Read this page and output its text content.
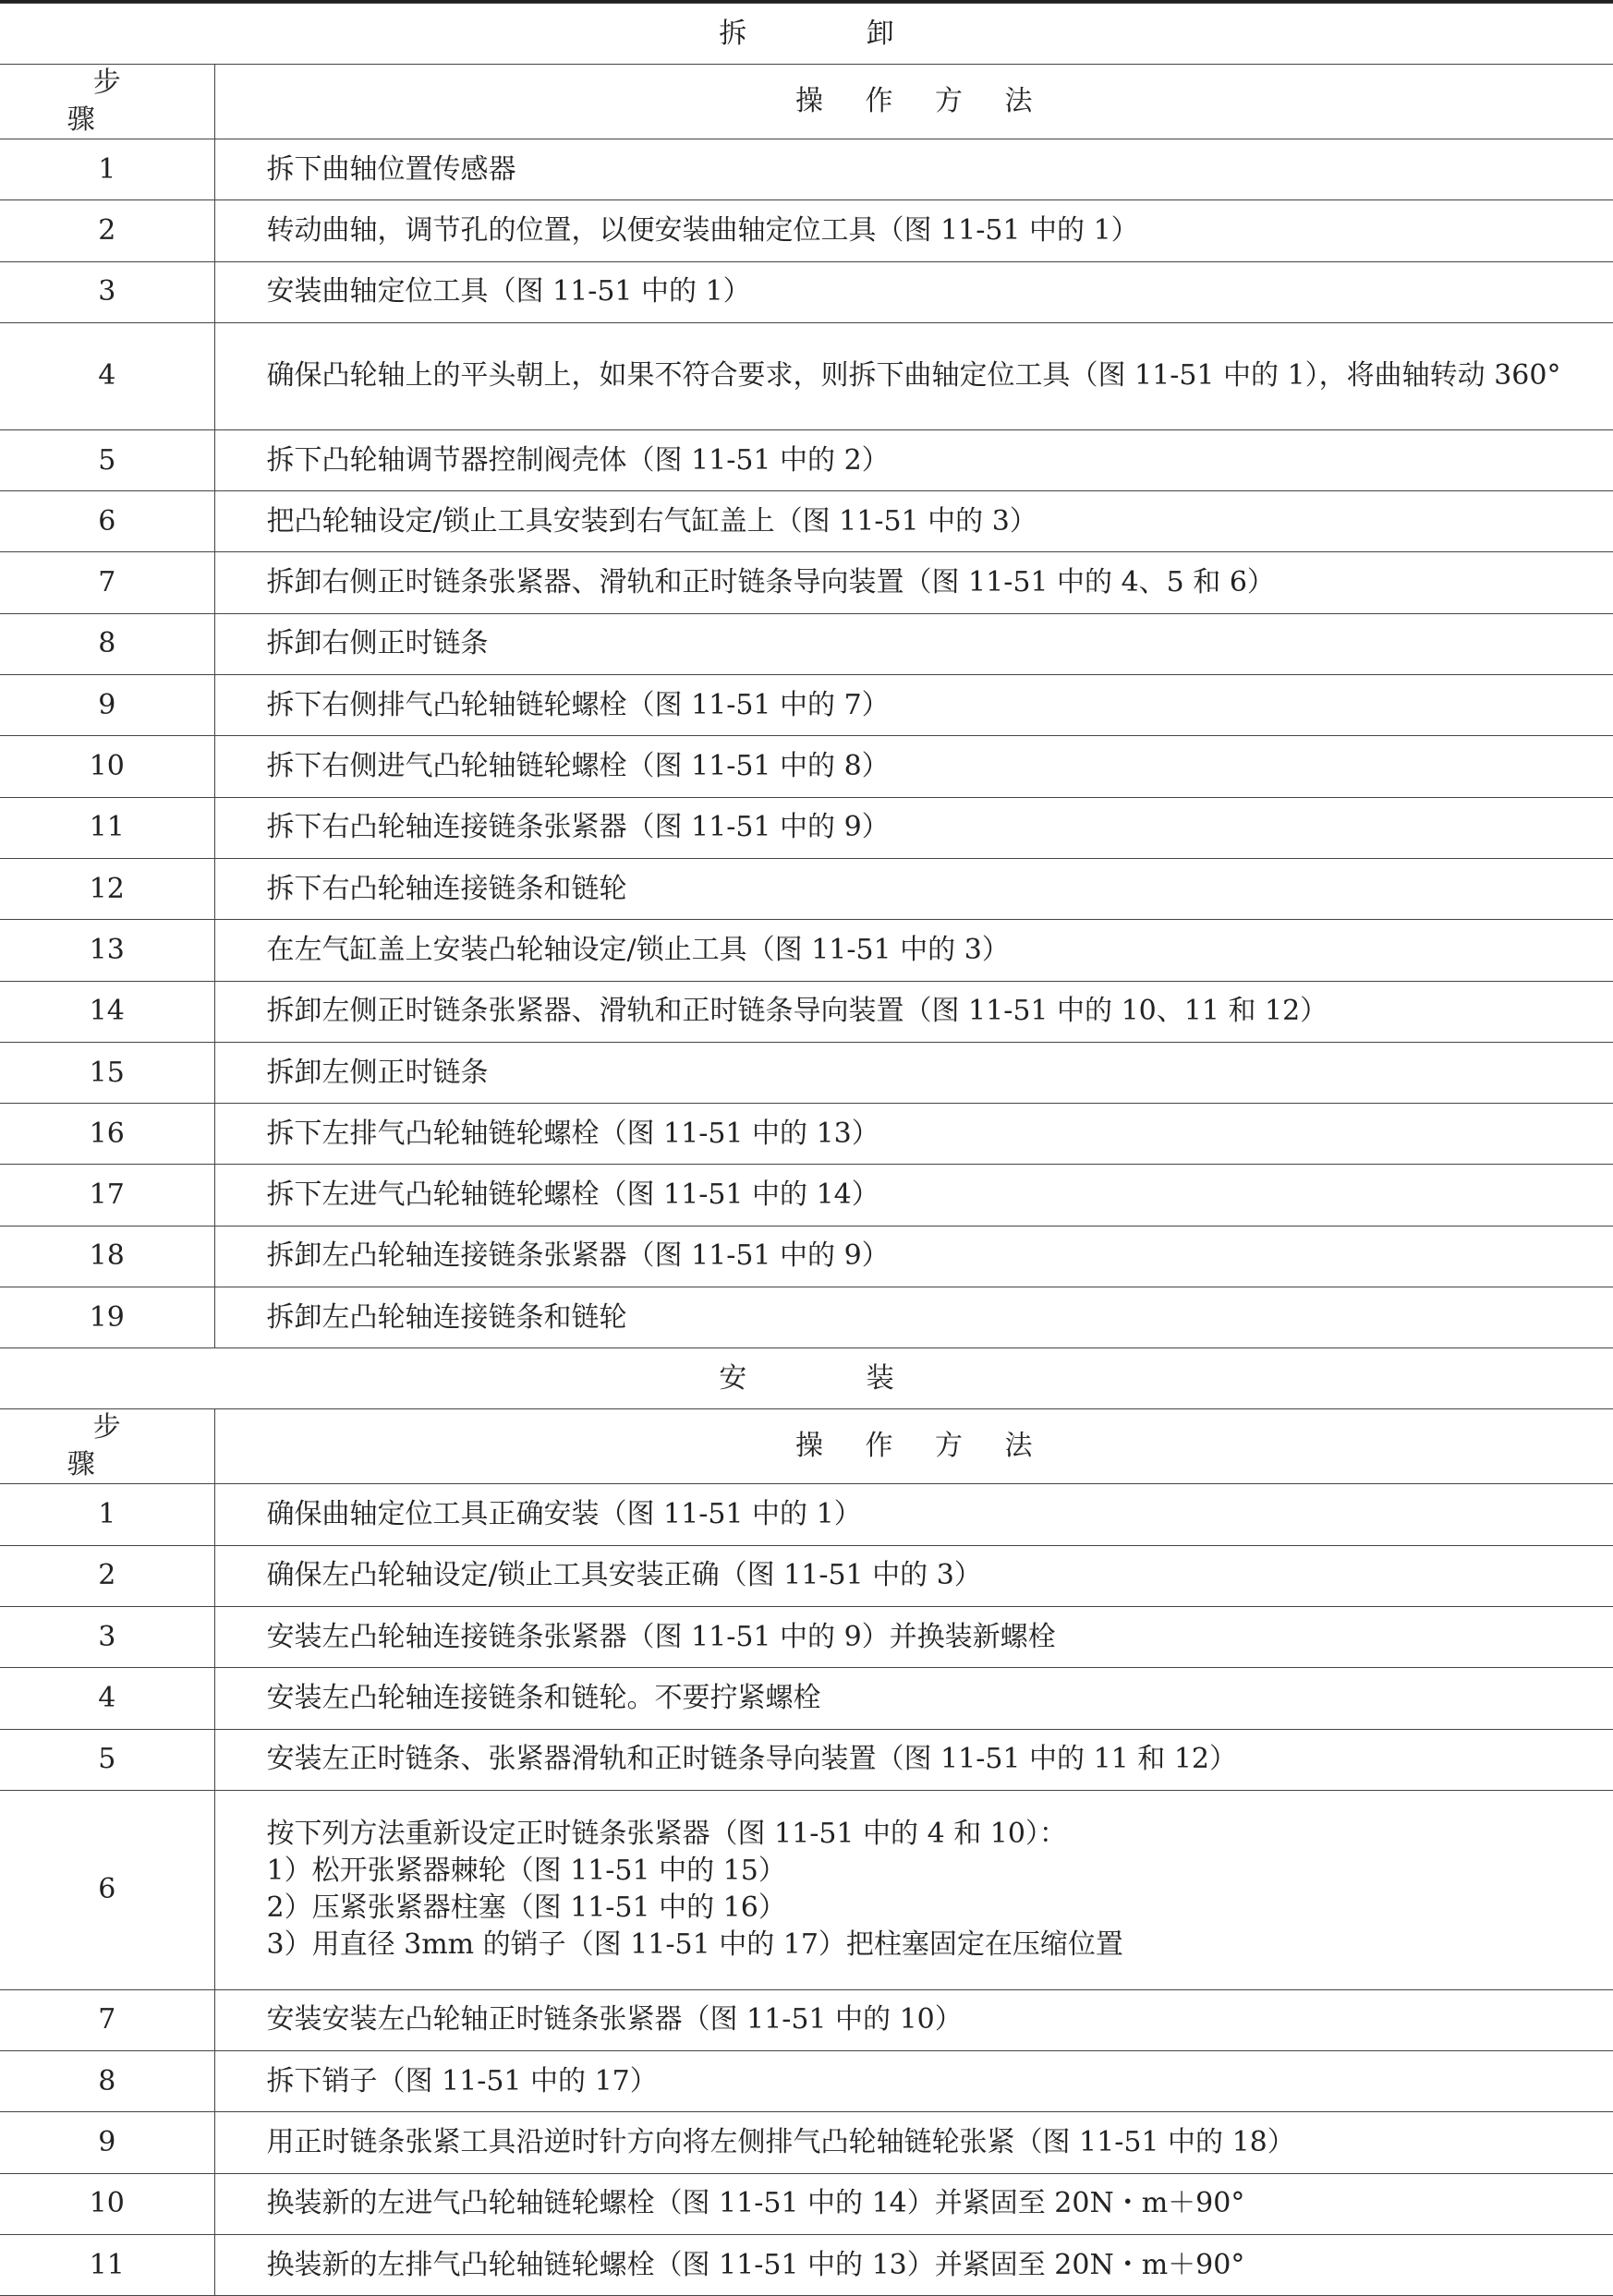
拆 卸	
步 骤	操 作 方 法
1	拆下曲轴位置传感器
2	转动曲轴，调节孔的位置，以便安装曲轴定位工具（图 11-51 中的 1）
3	安装曲轴定位工具（图 11-51 中的 1）
4	确保凸轮轴上的平头朝上，如果不符合要求，则拆下曲轴定位工具（图 11-51 中的 1），将曲轴转动 360°
5	拆下凸轮轴调节器控制阀壳体（图 11-51 中的 2）
6	把凸轮轴设定/锁止工具安装到右气缸盖上（图 11-51 中的 3）
7	拆卸右侧正时链条张紧器、滑轨和正时链条导向装置（图 11-51 中的 4、5 和 6）
8	拆卸右侧正时链条
9	拆下右侧排气凸轮轴链轮螺栓（图 11-51 中的 7）
10	拆下右侧进气凸轮轴链轮螺栓（图 11-51 中的 8）
11	拆下右凸轮轴连接链条张紧器（图 11-51 中的 9）
12	拆下右凸轮轴连接链条和链轮
13	在左气缸盖上安装凸轮轴设定/锁止工具（图 11-51 中的 3）
14	拆卸左侧正时链条张紧器、滑轨和正时链条导向装置（图 11-51 中的 10、11 和 12）
15	拆卸左侧正时链条
16	拆下左排气凸轮轴链轮螺栓（图 11-51 中的 13）
17	拆下左进气凸轮轴链轮螺栓（图 11-51 中的 14）
18	拆卸左凸轮轴连接链条张紧器（图 11-51 中的 9）
19	拆卸左凸轮轴连接链条和链轮
安 装	
步 骤	操 作 方 法
1	确保曲轴定位工具正确安装（图 11-51 中的 1）
2	确保左凸轮轴设定/锁止工具安装正确（图 11-51 中的 3）
3	安装左凸轮轴连接链条张紧器（图 11-51 中的 9）并换装新螺栓
4	安装左凸轮轴连接链条和链轮。不要拧紧螺栓
5	安装左正时链条、张紧器滑轨和正时链条导向装置（图 11-51 中的 11 和 12）
6	按下列方法重新设定正时链条张紧器（图 11-51 中的 4 和 10）：
1）松开张紧器棘轮（图 11-51 中的 15）
2）压紧张紧器柱塞（图 11-51 中的 16）
3）用直径 3mm 的销子（图 11-51 中的 17）把柱塞固定在压缩位置

7	安装安装左凸轮轴正时链条张紧器（图 11-51 中的 10）
8	拆下销子（图 11-51 中的 17）
9	用正时链条张紧工具沿逆时针方向将左侧排气凸轮轴链轮张紧（图 11-51 中的 18）
10	换装新的左进气凸轮轴链轮螺栓（图 11-51 中的 14）并紧固至 20N・m＋90°
11	换装新的左排气凸轮轴链轮螺栓（图 11-51 中的 13）并紧固至 20N・m＋90°
